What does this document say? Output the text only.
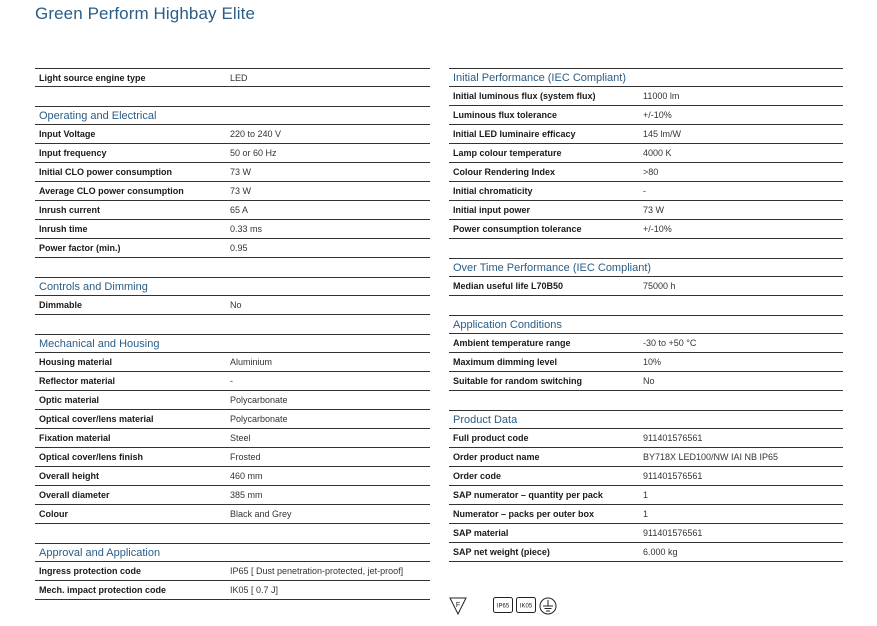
Green Perform Highbay Elite
Light source engine type	LED
Operating and Electrical
Input Voltage	220 to 240 V
Input frequency	50 or 60 Hz
Initial CLO power consumption	73 W
Average CLO power consumption	73 W
Inrush current	65 A
Inrush time	0.33 ms
Power factor (min.)	0.95
Controls and Dimming
Dimmable	No
Mechanical and Housing
Housing material	Aluminium
Reflector material	-
Optic material	Polycarbonate
Optical cover/lens material	Polycarbonate
Fixation material	Steel
Optical cover/lens finish	Frosted
Overall height	460 mm
Overall diameter	385 mm
Colour	Black and Grey
Approval and Application
Ingress protection code	IP65 [ Dust penetration-protected, jet-proof]
Mech. impact protection code	IK05 [ 0.7 J]
Initial Performance (IEC Compliant)
Initial luminous flux (system flux)	11000 lm
Luminous flux tolerance	+/-10%
Initial LED luminaire efficacy	145 lm/W
Lamp colour temperature	4000 K
Colour Rendering Index	>80
Initial chromaticity	-
Initial input power	73 W
Power consumption tolerance	+/-10%
Over Time Performance (IEC Compliant)
Median useful life L70B50	75000 h
Application Conditions
Ambient temperature range	-30 to +50 °C
Maximum dimming level	10%
Suitable for random switching	No
Product Data
Full product code	911401576561
Order product name	BY718X LED100/NW IAI NB IP65
Order code	911401576561
SAP numerator – quantity per pack	1
Numerator – packs per outer box	1
SAP material	911401576561
SAP net weight (piece)	6.000 kg
F	IP65 IK05
